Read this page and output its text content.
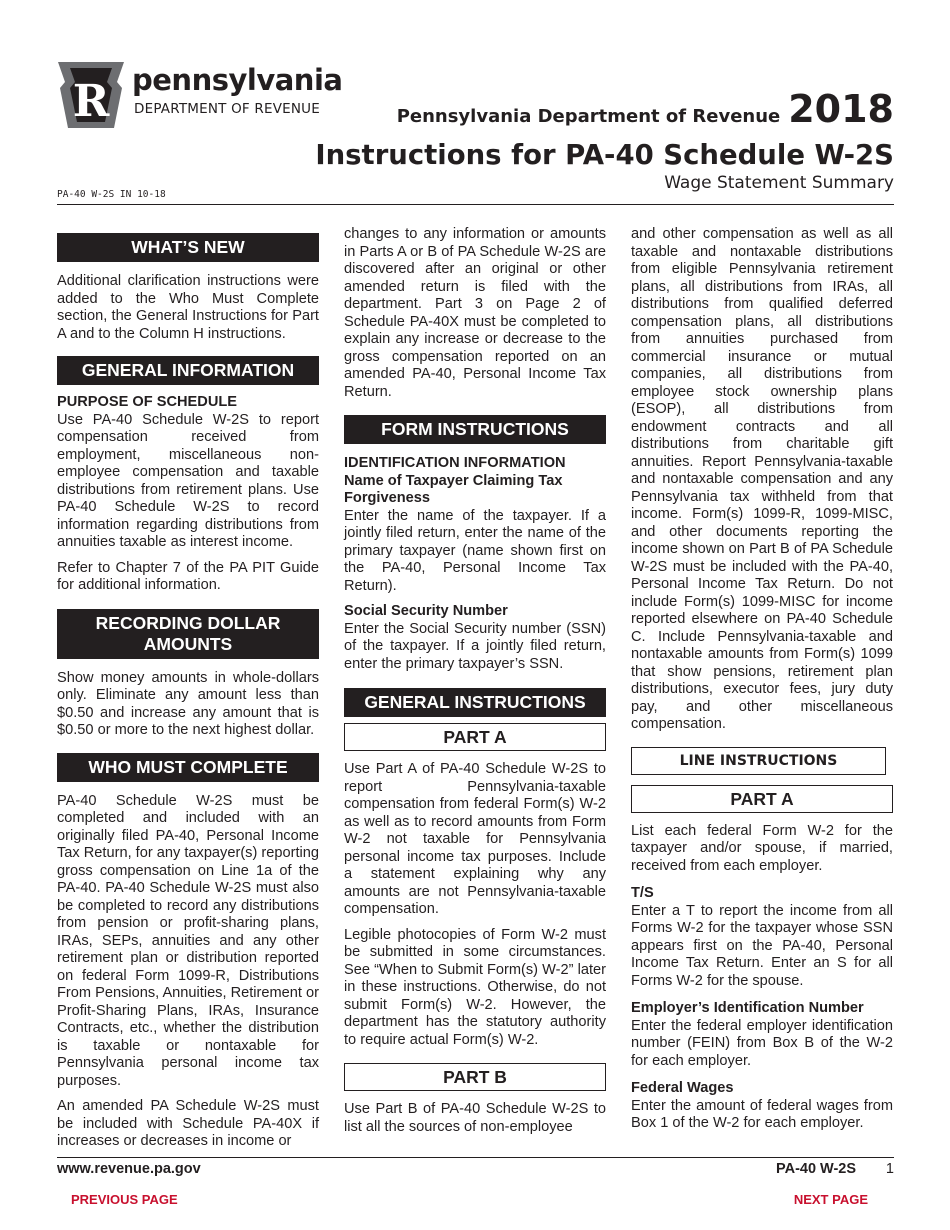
R pennsylvania
DEPARTMENT OF REVENUE	Pennsylvania Department of Revenue 2018
Instructions for PA-40 Schedule W-2S
Wage Statement Summary
PA-40 W-2S IN 10-18
WHAT’S NEW

Additional clarification instructions were added to the Who Must Complete section, the General Instructions for Part A and to the Column H instructions.

GENERAL INFORMATION
PURPOSE OF SCHEDULE

Use PA-40 Schedule W-2S to report compensation received from employment, miscellaneous non-employee compensation and taxable distributions from retirement plans. Use PA-40 Schedule W-2S to record information regarding distributions from annuities taxable as interest income.

Refer to Chapter 7 of the PA PIT Guide for additional information.

RECORDING DOLLAR AMOUNTS

Show money amounts in whole-dollars only. Eliminate any amount less than $0.50 and increase any amount that is $0.50 or more to the next highest dollar.

WHO MUST COMPLETE

PA-40 Schedule W-2S must be completed and included with an originally filed PA-40, Personal Income Tax Return, for any taxpayer(s) reporting gross compensation on Line 1a of the PA-40. PA-40 Schedule W-2S must also be completed to record any distributions from pension or profit-sharing plans, IRAs, SEPs, annuities and any other retirement plan or distribution reported on federal Form 1099-R, Distributions From Pensions, Annuities, Retirement or Profit-Sharing Plans, IRAs, Insurance Contracts, etc., whether the distribution is taxable or nontaxable for Pennsylvania personal income tax purposes.

An amended PA Schedule W-2S must be included with Schedule PA-40X if increases or decreases in income or

changes to any information or amounts in Parts A or B of PA Schedule W-2S are discovered after an original or other amended return is filed with the department. Part 3 on Page 2 of Schedule PA-40X must be completed to explain any increase or decrease to the gross compensation reported on an amended PA-40, Personal Income Tax Return.

FORM INSTRUCTIONS
IDENTIFICATION INFORMATION
Name of Taxpayer Claiming Tax Forgiveness

Enter the name of the taxpayer. If a jointly filed return, enter the name of the primary taxpayer (name shown first on the PA-40, Personal Income Tax Return).

Social Security Number

Enter the Social Security number (SSN) of the taxpayer. If a jointly filed return, enter the primary taxpayer’s SSN.

GENERAL INSTRUCTIONS
PART A

Use Part A of PA-40 Schedule W-2S to report Pennsylvania-taxable compensation from federal Form(s) W-2 as well as to record amounts from Form W-2 not taxable for Pennsylvania personal income tax purposes. Include a statement explaining why any amounts are not Pennsylvania-taxable compensation.

Legible photocopies of Form W-2 must be submitted in some circumstances. See “When to Submit Form(s) W-2” later in these instructions. Otherwise, do not submit Form(s) W-2. However, the department has the statutory authority to require actual Form(s) W-2.

PART B

Use Part B of PA-40 Schedule W-2S to list all the sources of non-employee

and other compensation as well as all taxable and nontaxable distributions from eligible Pennsylvania retirement plans, all distributions from IRAs, all distributions from qualified deferred compensation plans, all distributions from annuities purchased from commercial insurance or mutual companies, all distributions from employee stock ownership plans (ESOP), all distributions from endowment contracts and all distributions from charitable gift annuities. Report Pennsylvania-taxable and nontaxable compensation and any Pennsylvania tax withheld from that income. Form(s) 1099-R, 1099-MISC, and other documents reporting the income shown on Part B of PA Schedule W-2S must be included with the PA-40, Personal Income Tax Return. Do not include Form(s) 1099-MISC for income reported elsewhere on PA-40 Schedule C. Include Pennsylvania-taxable and nontaxable amounts from Form(s) 1099 that show pensions, retirement plan distributions, executor fees, jury duty pay, and other miscellaneous compensation.

LINE INSTRUCTIONS
PART A

List each federal Form W-2 for the taxpayer and/or spouse, if married, received from each employer.

T/S

Enter a T to report the income from all Forms W-2 for the taxpayer whose SSN appears first on the PA-40, Personal Income Tax Return. Enter an S for all Forms W-2 for the spouse.

Employer’s Identification Number

Enter the federal employer identification number (FEIN) from Box B of the W-2 for each employer.

Federal Wages

Enter the amount of federal wages from Box 1 of the W-2 for each employer.

www.revenue.pa.gov	PA-40 W-2S 1
PREVIOUS PAGE	NEXT PAGE
